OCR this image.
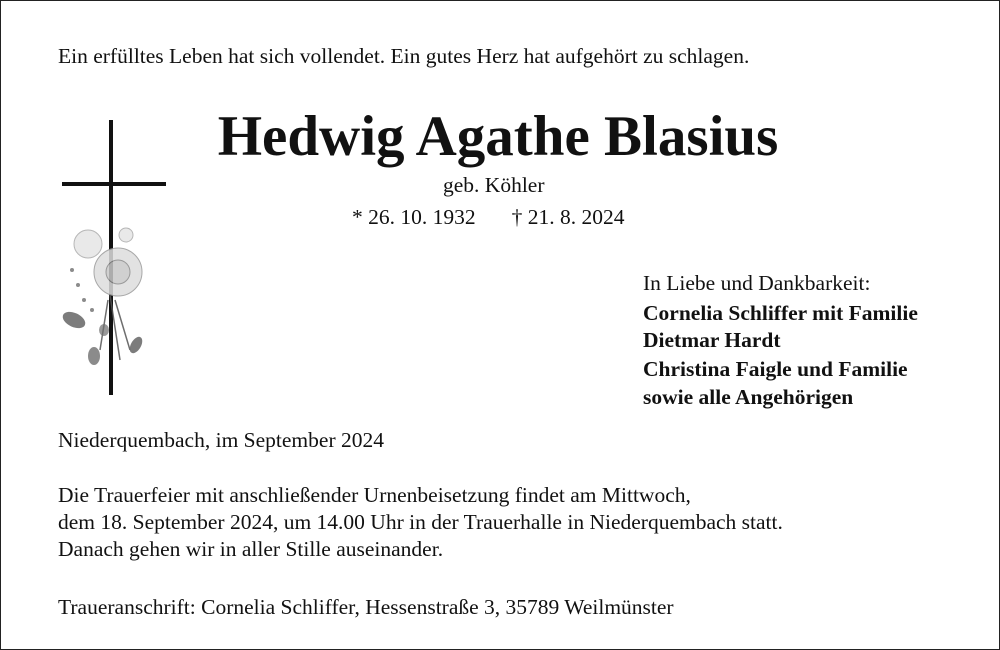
Ein erfülltes Leben hat sich vollendet. Ein gutes Herz hat aufgehört zu schlagen.
Hedwig Agathe Blasius
geb. Köhler
* 26. 10. 1932 † 21. 8. 2024
In Liebe und Dankbarkeit:
Cornelia Schliffer mit Familie
Dietmar Hardt
Christina Faigle und Familie
sowie alle Angehörigen
Niederquembach, im September 2024
Die Trauerfeier mit anschließender Urnenbeisetzung findet am Mittwoch,
dem 18. September 2024, um 14.00 Uhr in der Trauerhalle in Niederquembach statt.
Danach gehen wir in aller Stille auseinander.
Traueranschrift: Cornelia Schliffer, Hessenstraße 3, 35789 Weilmünster
